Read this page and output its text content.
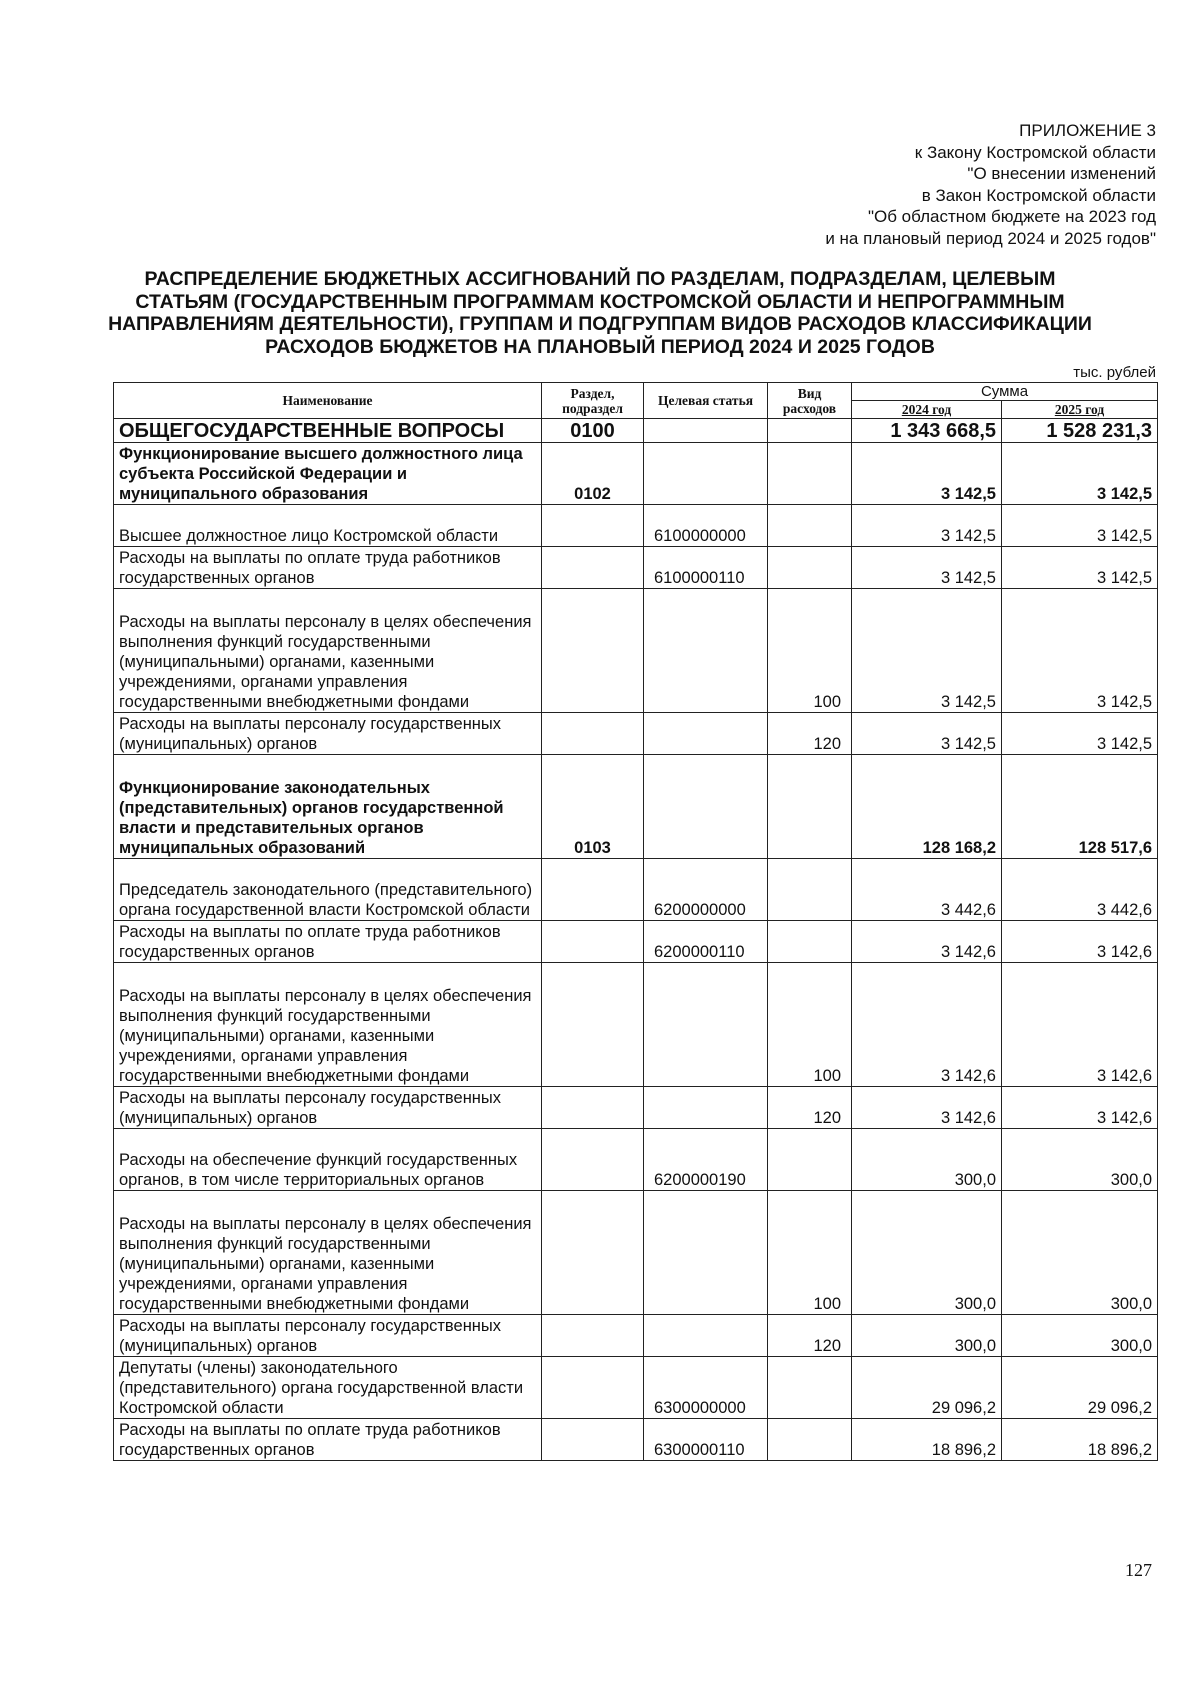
ПРИЛОЖЕНИЕ 3
к Закону Костромской области
"О внесении изменений
в Закон Костромской области
"Об областном бюджете на 2023 год
и на плановый период 2024 и 2025 годов"
РАСПРЕДЕЛЕНИЕ БЮДЖЕТНЫХ АССИГНОВАНИЙ ПО РАЗДЕЛАМ, ПОДРАЗДЕЛАМ, ЦЕЛЕВЫМ
СТАТЬЯМ (ГОСУДАРСТВЕННЫМ ПРОГРАММАМ КОСТРОМСКОЙ ОБЛАСТИ И НЕПРОГРАММНЫМ
НАПРАВЛЕНИЯМ ДЕЯТЕЛЬНОСТИ), ГРУППАМ И ПОДГРУППАМ ВИДОВ РАСХОДОВ КЛАССИФИКАЦИИ
РАСХОДОВ БЮДЖЕТОВ НА ПЛАНОВЫЙ ПЕРИОД 2024 И 2025 ГОДОВ
тыс. рублей
Наименование	Раздел, подраздел	Целевая статья	Вид расходов	Сумма	
				2024 год	2025 год
ОБЩЕГОСУДАРСТВЕННЫЕ ВОПРОСЫ	0100			1 343 668,5	1 528 231,3
Функционирование высшего должностного лица субъекта Российской Федерации и муниципального образования	0102			3 142,5	3 142,5
Высшее должностное лицо Костромской области		6100000000		3 142,5	3 142,5
Расходы на выплаты по оплате труда работников государственных органов		6100000110		3 142,5	3 142,5
Расходы на выплаты персоналу в целях обеспечения выполнения функций государственными (муниципальными) органами, казенными учреждениями, органами управления государственными внебюджетными фондами			100	3 142,5	3 142,5
Расходы на выплаты персоналу государственных (муниципальных) органов			120	3 142,5	3 142,5
Функционирование законодательных (представительных) органов государственной власти и представительных органов муниципальных образований	0103			128 168,2	128 517,6
Председатель законодательного (представительного) органа государственной власти Костромской области		6200000000		3 442,6	3 442,6
Расходы на выплаты по оплате труда работников государственных органов		6200000110		3 142,6	3 142,6
Расходы на выплаты персоналу в целях обеспечения выполнения функций государственными (муниципальными) органами, казенными учреждениями, органами управления государственными внебюджетными фондами			100	3 142,6	3 142,6
Расходы на выплаты персоналу государственных (муниципальных) органов			120	3 142,6	3 142,6
Расходы на обеспечение функций государственных органов, в том числе территориальных органов		6200000190		300,0	300,0
Расходы на выплаты персоналу в целях обеспечения выполнения функций государственными (муниципальными) органами, казенными учреждениями, органами управления государственными внебюджетными фондами			100	300,0	300,0
Расходы на выплаты персоналу государственных (муниципальных) органов			120	300,0	300,0
Депутаты (члены) законодательного (представительного) органа государственной власти Костромской области		6300000000		29 096,2	29 096,2
Расходы на выплаты по оплате труда работников государственных органов		6300000110		18 896,2	18 896,2
127
